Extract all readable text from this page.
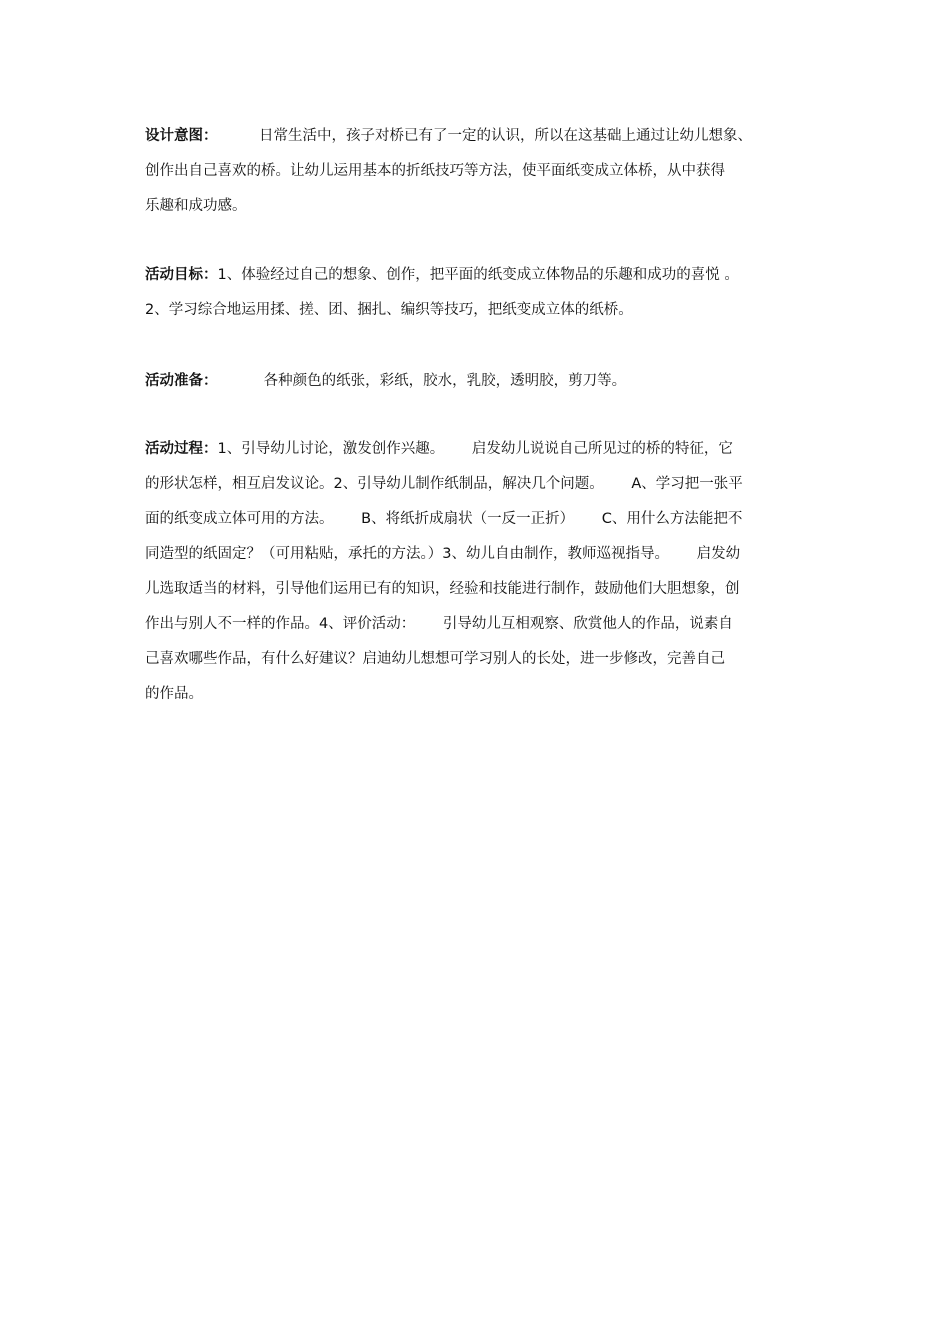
设计意图：         日常生活中，孩子对桥已有了一定的认识，所以在这基础上通过让幼儿想象、
创作出自己喜欢的桥。让幼儿运用基本的折纸技巧等方法，使平面纸变成立体桥，从中获得
乐趣和成功感。
活动目标：1、体验经过自己的想象、创作，把平面的纸变成立体物品的乐趣和成功的喜悦 。
2、学习综合地运用揉、搓、团、捆扎、编织等技巧，把纸变成立体的纸桥。
活动准备：          各种颜色的纸张，彩纸，胶水，乳胶，透明胶，剪刀等。
活动过程：1、引导幼儿讨论，激发创作兴趣。      启发幼儿说说自己所见过的桥的特征，它
的形状怎样，相互启发议论。2、引导幼儿制作纸制品，解决几个问题。      A、学习把一张平
面的纸变成立体可用的方法。      B、将纸折成扇状（一反一正折）      C、用什么方法能把不
同造型的纸固定？（可用粘贴，承托的方法。）3、幼儿自由制作，教师巡视指导。      启发幼
儿选取适当的材料，引导他们运用已有的知识，经验和技能进行制作，鼓励他们大胆想象，创
作出与别人不一样的作品。4、评价活动：      引导幼儿互相观察、欣赏他人的作品，说素自
己喜欢哪些作品，有什么好建议？启迪幼儿想想可学习别人的长处，进一步修改，完善自己
的作品。
